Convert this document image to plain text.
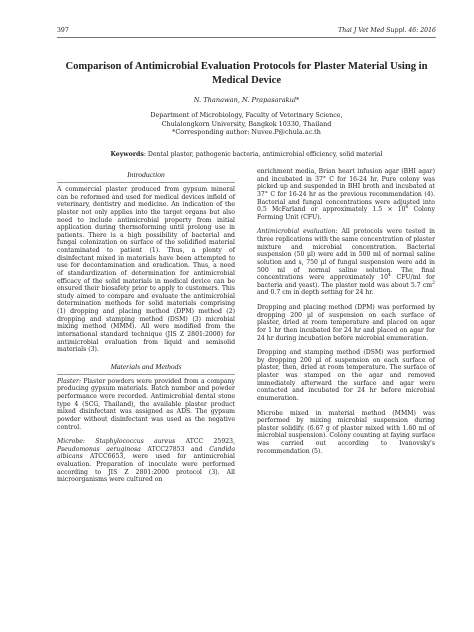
397	Thai J Vet Med Suppl. 46: 2016
Comparison of Antimicrobial Evaluation Protocols for Plaster Material Using in Medical Device
N. Thanawan, N. Prapasarakul*
Department of Microbiology, Faculty of Veterinary Science,
Chulalongkorn University, Bangkok 10330, Thailand
*Corresponding author: Nuvee.P@chula.ac.th
Keywords: Dental plaster, pathogenic bacteria, antimicrobial efficiency, solid material
Introduction

A commercial plaster produced from gypsum mineral can be reformed and used for medical devices infield of veterinary, dentistry and medicine. An indication of the plaster not only applies into the target organs but also need to include antimicrobial property from initial application during thermoforming until prolong use in patients. There is a high possibility of bacterial and fungal colonization on surface of the solidified material contaminated to patient (1). Thus, a plenty of disinfectant mixed in materials have been attempted to use for decontamination and eradication. Thus, a need of standardization of determination for antimicrobial efficacy of the solid materials in medical device can be ensured their biosafety prior to apply to customers. This study aimed to compare and evaluate the antimicrobial determination methods for solid materials comprising (1) dropping and placing method (DPM) method (2) dropping and stamping method (DSM) (3) microbial mixing method (MMM). All were modified from the international standard technique (JIS Z 2801:2000) for antimicrobial evaluation from liquid and semisolid materials (3).

Materials and Methods

Plaster: Plaster powders were provided from a company producing gypsum materials. Batch number and powder performance were recorded. Antimicrobial dental stone type 4 (SCG, Thailand), the available plaster product mixed disinfectant was assigned as ADS. The gypsum powder without disinfectant was used as the negative control.

Microbe: Staphylococcus aureus ATCC 25923, Pseudomonas aeruginosa ATCC27853 and Candida albicans ATCC6653, were used for antimicrobial evaluation. Preparation of inoculate were performed according to JIS Z 2801:2000 protocol (3). All microorganisms were cultured on

enrichment media, Brian heart infusion agar (BHI agar) and incubated in 37° C for 16-24 hr. Pure colony was picked up and suspended in BHI broth and incubated at 37° C for 16-24 hr as the previous recommendation (4). Bacterial and fungal concentrations were adjusted into 0.5 McFarland or approximately $1.5 \times 10^6$ Colony Forming Unit (CFU).

Antimicrobial evaluation: All protocols were tested in three replications with the same concentration of plaster mixture and microbial concentration. Bacterial suspension (50 µl) were add in 500 ml of normal saline solution and s, 750 µl of fungal suspension were add in 500 ml of normal saline solution. The final concentrations were approximately $10^4$ CFU/ml for bacteria and yeast). The plaster mold was about 5.7 $cm^2$ and 0.7 cm in depth setting for 24 hr.

Dropping and placing method (DPM) was performed by dropping 200 µl of suspension on each surface of plaster, dried at room temperature and placed on agar for 1 hr then incubated for 24 hr and placed on agar for 24 hr during incubation before microbial enumeration.

Dropping and stamping method (DSM) was performed by dropping 200 µl of suspension on each surface of plaster, then, dried at room temperature. The surface of plaster was stamped on the agar and removed immediately afterward the surface and agar were contacted and incubated for 24 hr before microbial enumeration.

Microbe mixed in material method (MMM) was performed by mixing microbial suspension during plaster solidify. (6.67 g of plaster mixed with 1.60 ml of microbial suspension). Colony counting at faying surface was carried out according to Ivanovsky's recommendation (5).
